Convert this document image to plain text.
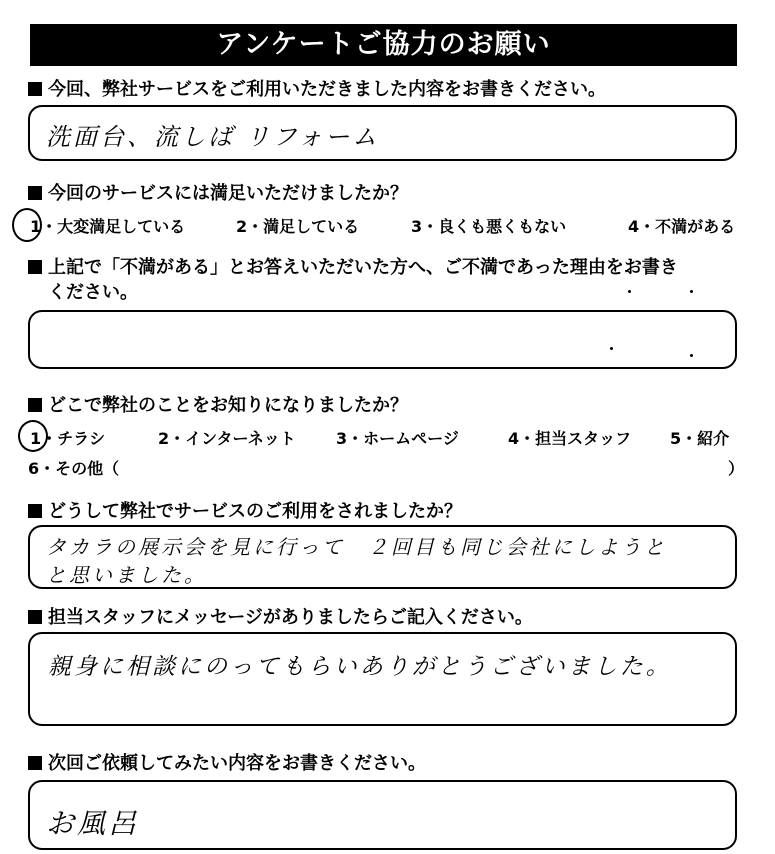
アンケートご協力のお願い
今回、弊社サービスをご利用いただきました内容をお書きください。
洗面台、流しば リフォーム
今回のサービスには満足いただけましたか？
1・大変満足している	2・満足している	3・良くも悪くもない	4・不満がある
上記で「不満がある」とお答えいただいた方へ、ご不満であった理由をお書き
ください。
どこで弊社のことをお知りになりましたか？
1・チラシ	2・インターネット	3・ホームページ	4・担当スタッフ 5・紹介
6・その他（	）
どうして弊社でサービスのご利用をされましたか？
タカラの展示会を見に行って　２回目も同じ会社にしようと
と思いました。
担当スタッフにメッセージがありましたらご記入ください。
親身に相談にのってもらいありがとうございました。
次回ご依頼してみたい内容をお書きください。
お風呂
